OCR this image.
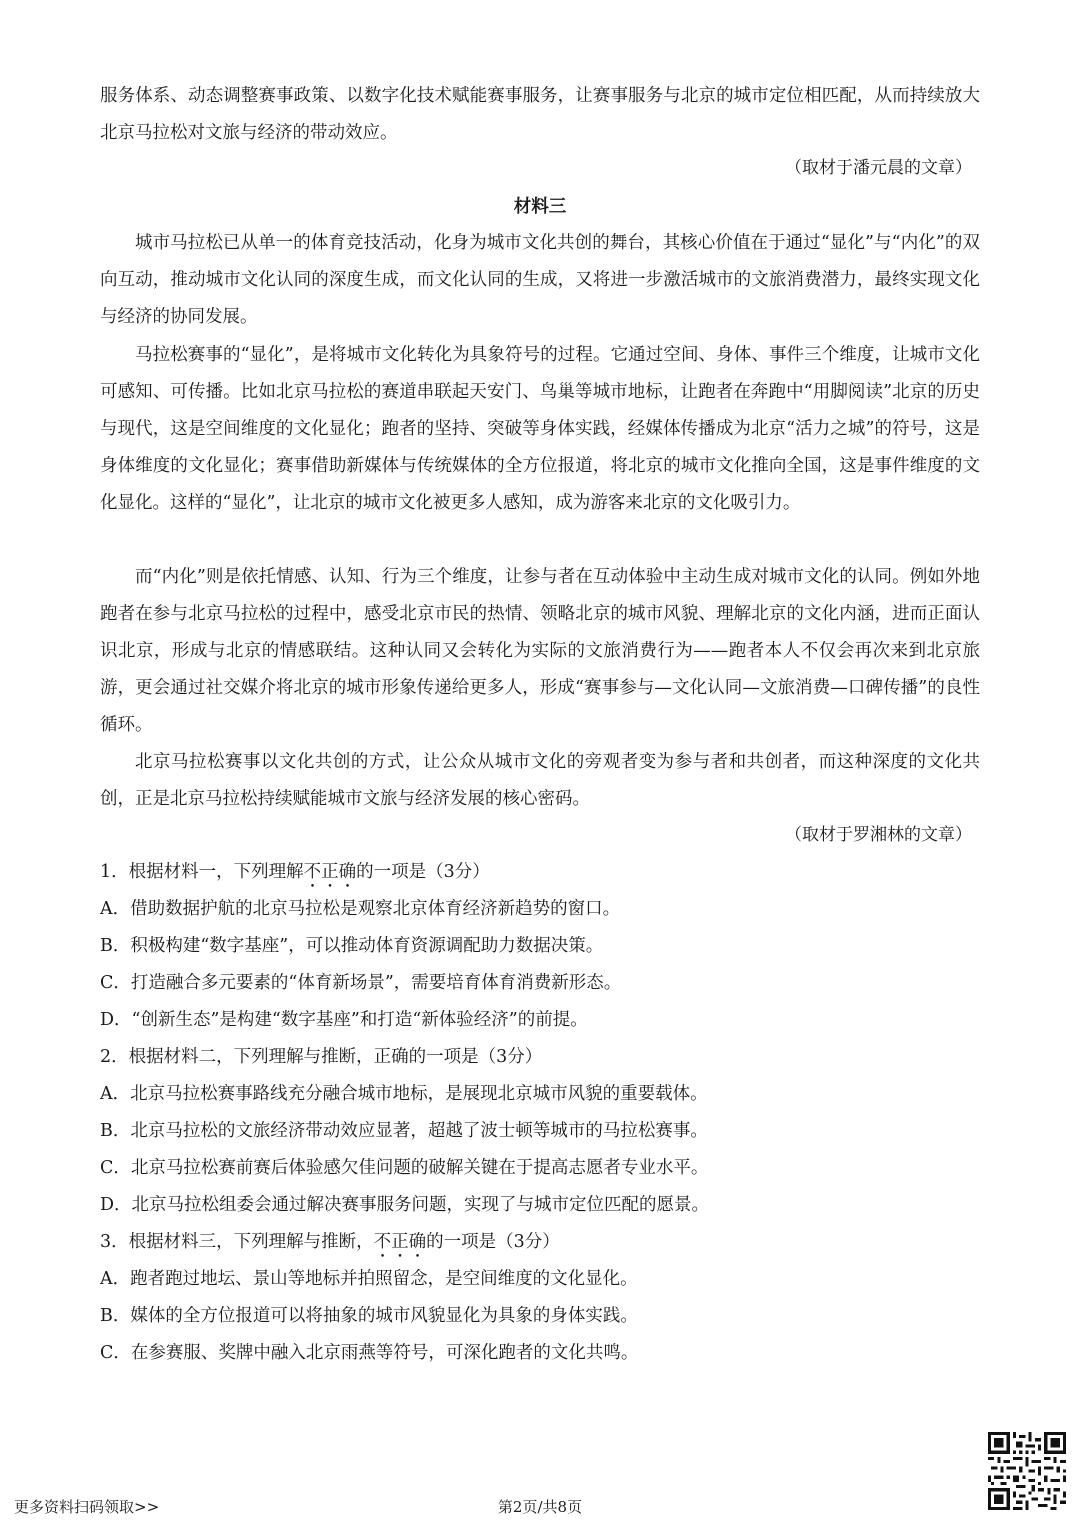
服务体系、动态调整赛事政策、以数字化技术赋能赛事服务，让赛事服务与北京的城市定位相匹配，从而持续放大北京马拉松对文旅与经济的带动效应。

（取材于潘元晨的文章）

材料三

城市马拉松已从单一的体育竞技活动，化身为城市文化共创的舞台，其核心价值在于通过“显化”与“内化”的双向互动，推动城市文化认同的深度生成，而文化认同的生成，又将进一步激活城市的文旅消费潜力，最终实现文化与经济的协同发展。

马拉松赛事的“显化”，是将城市文化转化为具象符号的过程。它通过空间、身体、事件三个维度，让城市文化可感知、可传播。比如北京马拉松的赛道串联起天安门、鸟巢等城市地标，让跑者在奔跑中“用脚阅读”北京的历史与现代，这是空间维度的文化显化；跑者的坚持、突破等身体实践，经媒体传播成为北京“活力之城”的符号，这是身体维度的文化显化；赛事借助新媒体与传统媒体的全方位报道，将北京的城市文化推向全国，这是事件维度的文化显化。这样的“显化”，让北京的城市文化被更多人感知，成为游客来北京的文化吸引力。

而“内化”则是依托情感、认知、行为三个维度，让参与者在互动体验中主动生成对城市文化的认同。例如外地跑者在参与北京马拉松的过程中，感受北京市民的热情、领略北京的城市风貌、理解北京的文化内涵，进而正面认识北京，形成与北京的情感联结。这种认同又会转化为实际的文旅消费行为——跑者本人不仅会再次来到北京旅游，更会通过社交媒介将北京的城市形象传递给更多人，形成“赛事参与—文化认同—文旅消费—口碑传播”的良性循环。

北京马拉松赛事以文化共创的方式，让公众从城市文化的旁观者变为参与者和共创者，而这种深度的文化共创，正是北京马拉松持续赋能城市文旅与经济发展的核心密码。

（取材于罗湘林的文章）

1．根据材料一，下列理解不正确的一项是（3分）
A．借助数据护航的北京马拉松是观察北京体育经济新趋势的窗口。
B．积极构建“数字基座”，可以推动体育资源调配助力数据决策。
C．打造融合多元要素的“体育新场景”，需要培育体育消费新形态。
D．“创新生态”是构建“数字基座”和打造“新体验经济”的前提。
2．根据材料二，下列理解与推断，正确的一项是（3分）
A．北京马拉松赛事路线充分融合城市地标，是展现北京城市风貌的重要载体。
B．北京马拉松的文旅经济带动效应显著，超越了波士顿等城市的马拉松赛事。
C．北京马拉松赛前赛后体验感欠佳问题的破解关键在于提高志愿者专业水平。
D．北京马拉松组委会通过解决赛事服务问题，实现了与城市定位匹配的愿景。
3．根据材料三，下列理解与推断，不正确的一项是（3分）
A．跑者跑过地坛、景山等地标并拍照留念，是空间维度的文化显化。
B．媒体的全方位报道可以将抽象的城市风貌显化为具象的身体实践。
C．在参赛服、奖牌中融入北京雨燕等符号，可深化跑者的文化共鸣。
更多资料扫码领取>>	第2页/共8页
